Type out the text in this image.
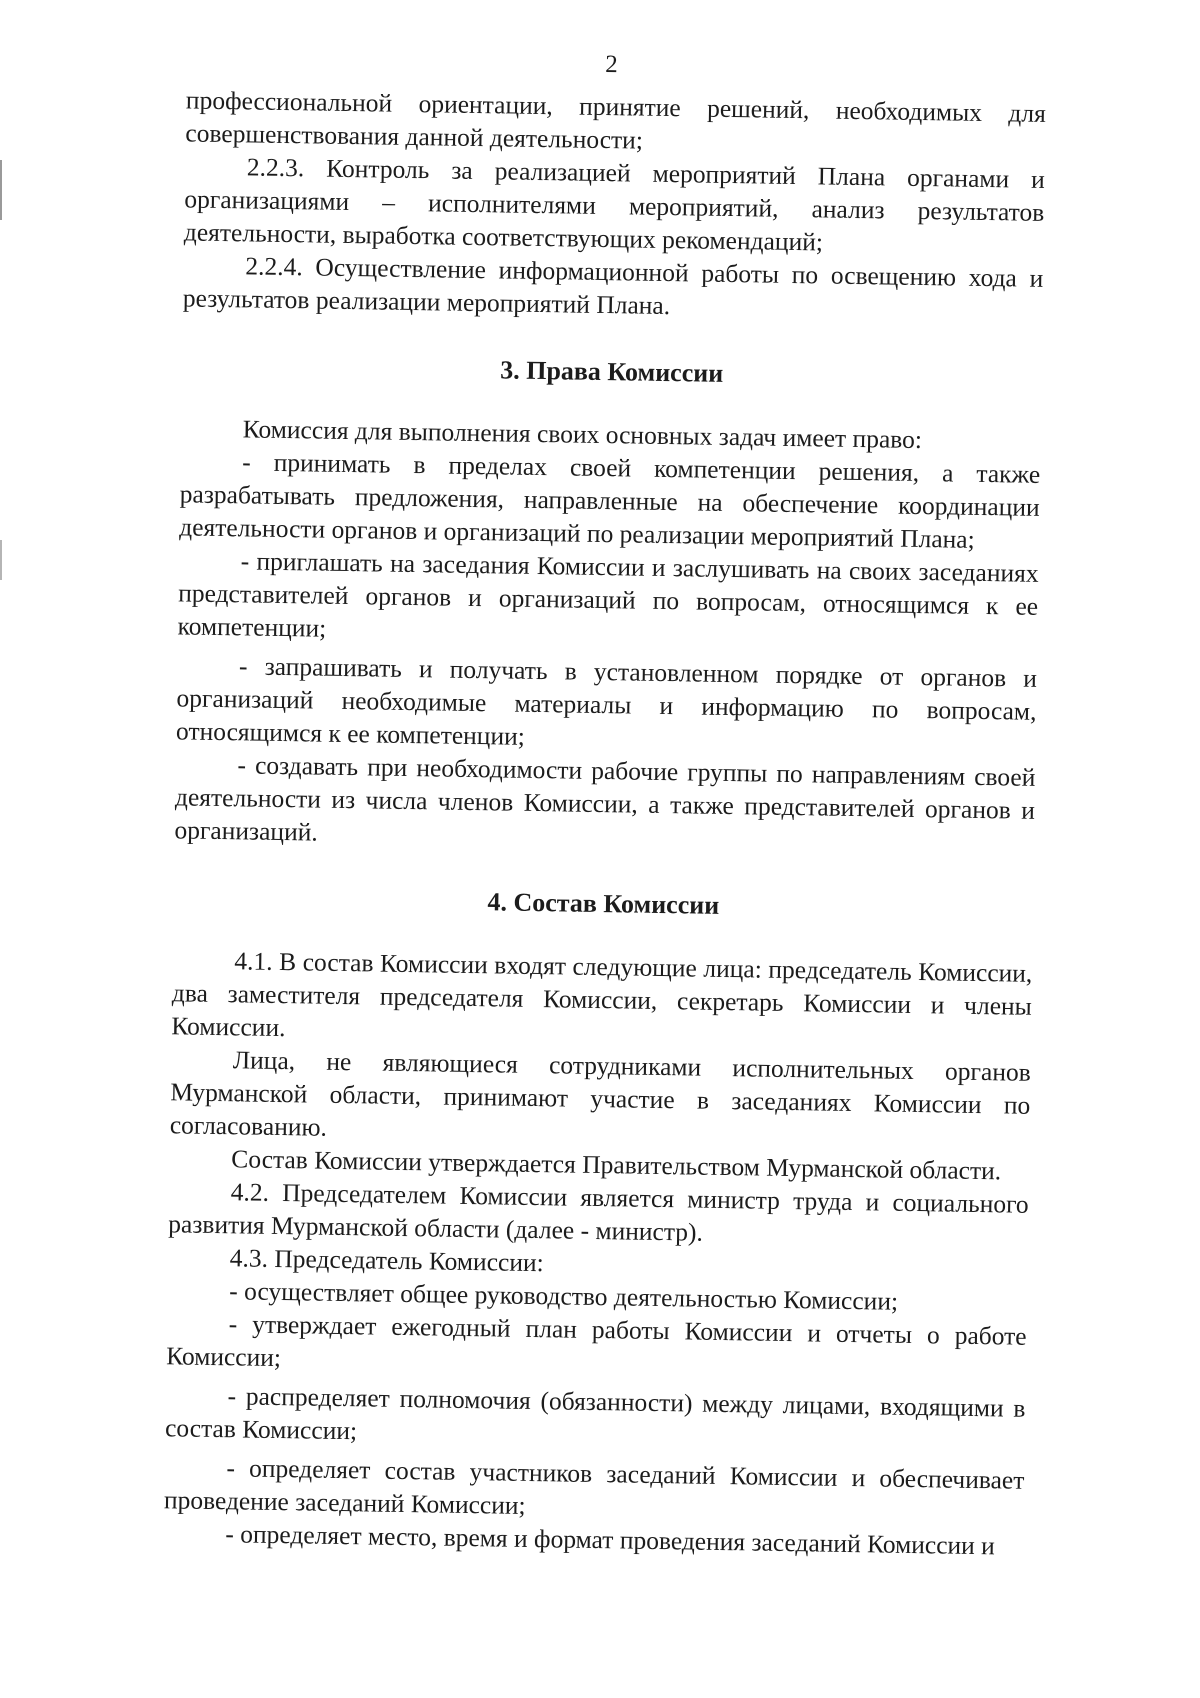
2

профессиональной ориентации, принятие решений, необходимых для совершенствования данной деятельности;

2.2.3. Контроль за реализацией мероприятий Плана органами и организациями – исполнителями мероприятий, анализ результатов деятельности, выработка соответствующих рекомендаций;

2.2.4. Осуществление информационной работы по освещению хода и результатов реализации мероприятий Плана.

3. Права Комиссии

Комиссия для выполнения своих основных задач имеет право:

- принимать в пределах своей компетенции решения, а также разрабатывать предложения, направленные на обеспечение координации деятельности органов и организаций по реализации мероприятий Плана;

- приглашать на заседания Комиссии и заслушивать на своих заседаниях представителей органов и организаций по вопросам, относящимся к ее компетенции;

- запрашивать и получать в установленном порядке от органов и организаций необходимые материалы и информацию по вопросам, относящимся к ее компетенции;

- создавать при необходимости рабочие группы по направлениям своей деятельности из числа членов Комиссии, а также представителей органов и организаций.

4. Состав Комиссии

4.1. В состав Комиссии входят следующие лица: председатель Комиссии, два заместителя председателя Комиссии, секретарь Комиссии и члены Комиссии.

Лица, не являющиеся сотрудниками исполнительных органов Мурманской области, принимают участие в заседаниях Комиссии по согласованию.

Состав Комиссии утверждается Правительством Мурманской области.

4.2. Председателем Комиссии является министр труда и социального развития Мурманской области (далее - министр).

4.3. Председатель Комиссии:

- осуществляет общее руководство деятельностью Комиссии;

- утверждает ежегодный план работы Комиссии и отчеты о работе Комиссии;

- распределяет полномочия (обязанности) между лицами, входящими в состав Комиссии;

- определяет состав участников заседаний Комиссии и обеспечивает проведение заседаний Комиссии;

- определяет место, время и формат проведения заседаний Комиссии и
